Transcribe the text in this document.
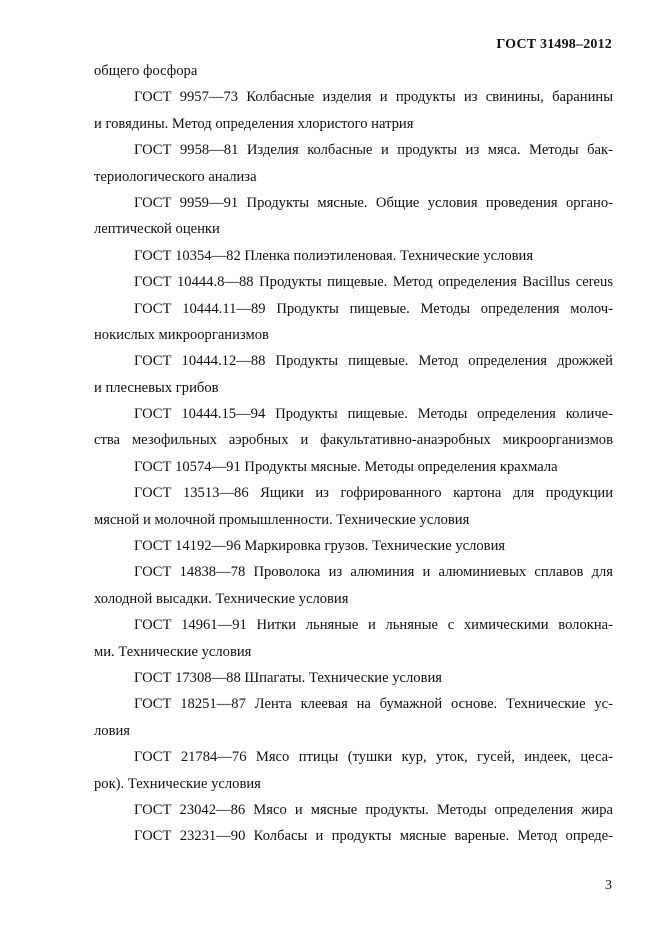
ГОСТ 31498–2012
общего фосфора
ГОСТ 9957—73 Колбасные изделия и продукты из свинины, баранины
и говядины. Метод определения хлористого натрия
ГОСТ 9958—81 Изделия колбасные и продукты из мяса. Методы бак-
териологического анализа
ГОСТ 9959—91 Продукты мясные. Общие условия проведения органо-
лептической оценки
ГОСТ 10354—82 Пленка полиэтиленовая. Технические условия
ГОСТ 10444.8—88 Продукты пищевые. Метод определения Bacillus cereus
ГОСТ 10444.11—89 Продукты пищевые. Методы определения молоч-
нокислых микроорганизмов
ГОСТ 10444.12—88 Продукты пищевые. Метод определения дрожжей
и плесневых грибов
ГОСТ 10444.15—94 Продукты пищевые. Методы определения количе-
ства мезофильных аэробных и факультативно-анаэробных микроорганизмов
ГОСТ 10574—91 Продукты мясные. Методы определения крахмала
ГОСТ 13513—86 Ящики из гофрированного картона для продукции
мясной и молочной промышленности. Технические условия
ГОСТ 14192—96 Маркировка грузов. Технические условия
ГОСТ 14838—78 Проволока из алюминия и алюминиевых сплавов для
холодной высадки. Технические условия
ГОСТ 14961—91 Нитки льняные и льняные с химическими волокна-
ми. Технические условия
ГОСТ 17308—88 Шпагаты. Технические условия
ГОСТ 18251—87 Лента клеевая на бумажной основе. Технические ус-
ловия
ГОСТ 21784—76 Мясо птицы (тушки кур, уток, гусей, индеек, цеса-
рок). Технические условия
ГОСТ 23042—86 Мясо и мясные продукты. Методы определения жира
ГОСТ 23231—90 Колбасы и продукты мясные вареные. Метод опреде-
3
